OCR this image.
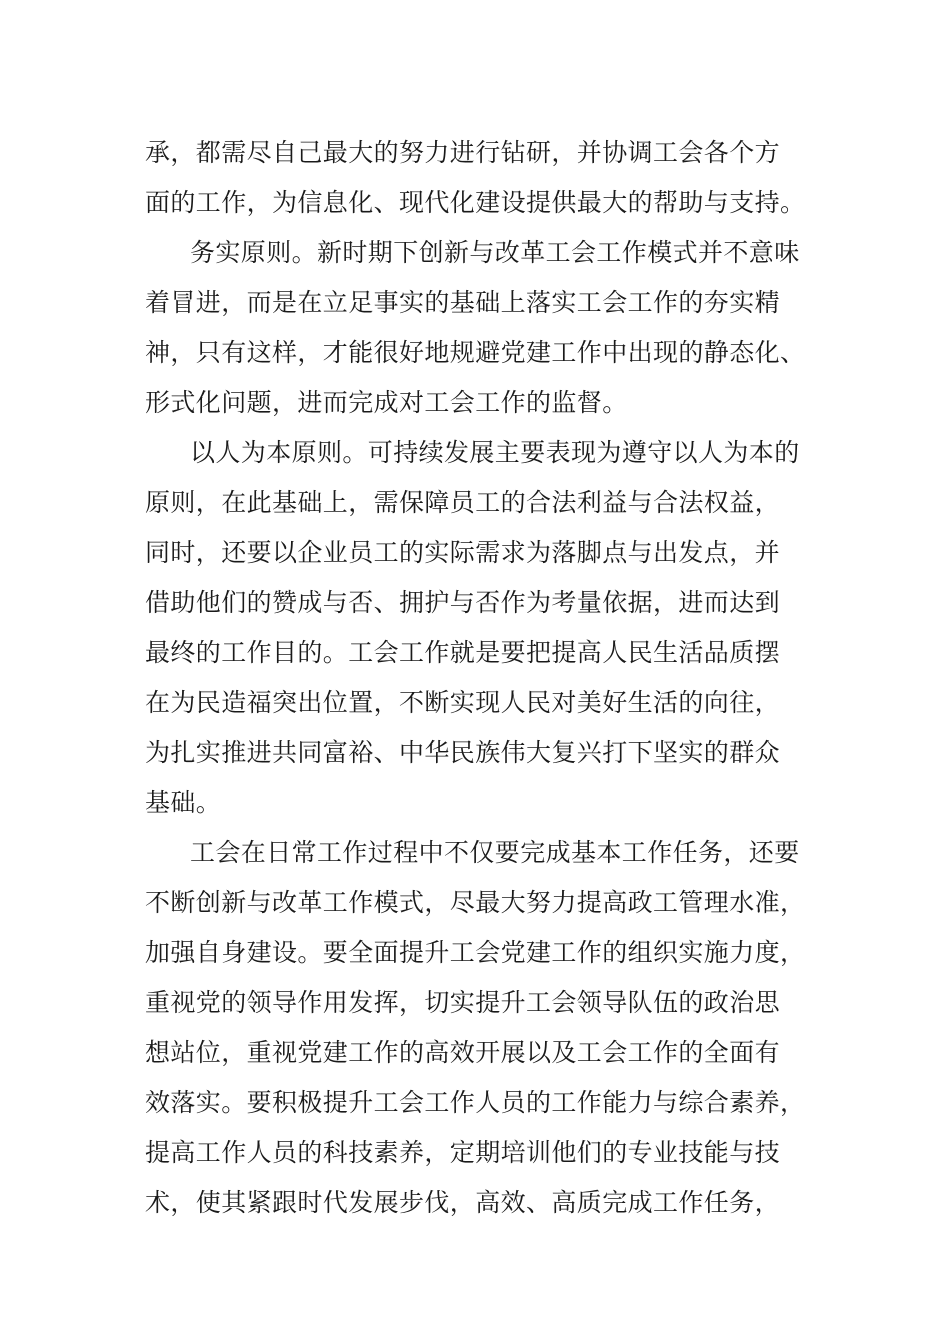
承，都需尽自己最大的努力进行钻研，并协调工会各个方
面的工作，为信息化、现代化建设提供最大的帮助与支持。
务实原则。新时期下创新与改革工会工作模式并不意味
着冒进，而是在立足事实的基础上落实工会工作的夯实精
神，只有这样，才能很好地规避党建工作中出现的静态化、
形式化问题，进而完成对工会工作的监督。
以人为本原则。可持续发展主要表现为遵守以人为本的
原则，在此基础上，需保障员工的合法利益与合法权益，
同时，还要以企业员工的实际需求为落脚点与出发点，并
借助他们的赞成与否、拥护与否作为考量依据，进而达到
最终的工作目的。工会工作就是要把提高人民生活品质摆
在为民造福突出位置，不断实现人民对美好生活的向往，
为扎实推进共同富裕、中华民族伟大复兴打下坚实的群众
基础。
工会在日常工作过程中不仅要完成基本工作任务，还要
不断创新与改革工作模式，尽最大努力提高政工管理水准，
加强自身建设。要全面提升工会党建工作的组织实施力度，
重视党的领导作用发挥，切实提升工会领导队伍的政治思
想站位，重视党建工作的高效开展以及工会工作的全面有
效落实。要积极提升工会工作人员的工作能力与综合素养，
提高工作人员的科技素养，定期培训他们的专业技能与技
术，使其紧跟时代发展步伐，高效、高质完成工作任务，
